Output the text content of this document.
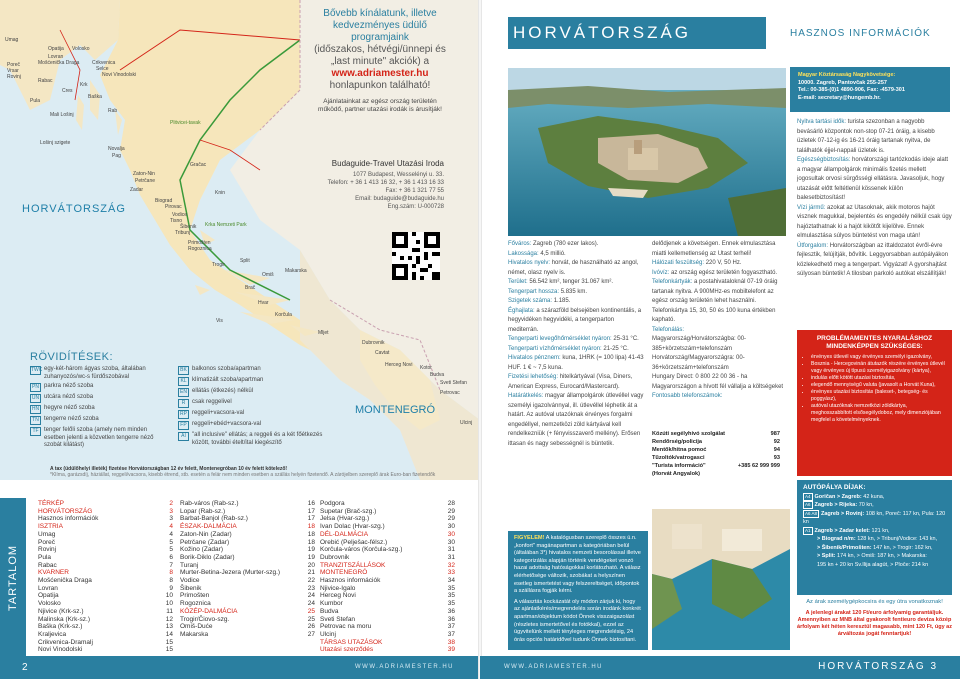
Umag
Opatija Volosko
Lovran
Crikvenica
Mošćenička Draga
Selce
Novi Vinodolski
Poreč
Vrsar
Rovinj
Rabac
Krk
Cres
Baška
Pula
Rab
Mali Lošinj
Lošinj szigete
Novalja
Pag
Zadar
Zaton-Nin
Petrčane
Biograd
Pirovac
Vodice
Šibenik
Tisno
Tribunj
Rogoznica
Primošten
Trogir
Split
Omiš
Makarska
Brač
Hvar
Korčula
Vis
Mljet
Dubrovnik
Cavtat
Herceg Novi
Budva
Petrovac
Ulcinj
Plitvicei-tavak
Krka Nemzeti Park
Gračac
Knin
Sveti Stefan
Kotor
HORVÁTORSZÁG
MONTENEGRÓ
Bővebb kínálatunk, illetve
kedvezményes üdülő
programjaink
(időszakos, hétvégi/ünnepi és
„last minute" akciók) a
www.adriamester.hu
honlapunkon található!
Ajánlatainkat az egész ország területén
működő, partner utazási irodák is árusítják!
Budaguide-Travel Utazási Iroda
1077 Budapest, Wesselényi u. 33.
Telefon: + 36 1 413 16 32, + 36 1 413 16 33
Fax: + 36 1 321 77 55
Email: budaguide@budaguide.hu
Eng.szám: U-000728
RÖVIDÍTÉSEK:
TWC egy-két-három ágyas szoba, általában zuhanyozós/wc-s fürdőszobával
PN parkra néző szoba
UN utcára néző szoba
HN hegyre néző szoba
TN tengerre néző szoba
TF tenger felőli szoba (amely nem minden esetben jelenti a közvetlen tengerre néző szobát kilátást)
BK balkonos szoba/apartman
KL klímatizált szoba/apartman
EN ellátás (étkezés) nélkül
R	csak reggelivel
RP reggeli+vacsora-val
FP reggeli+ebéd+vacsora-val
AI	"all inclusive" ellátás; a reggeli és a két főétkezés között, további ételt/ital kiegészítő
A tax (üdülőhelyi illeték) fizetése Horvátországban 12 év felett, Montenegróban 10 év felett kötelező!
*Klíma, garázsdíj, háziállat, reggeli/vacsora, kisebb étrend, stb. esetén a felár nem minden esetben a szállás helyén fizetendő. A zárójelben szereplő árak Euro-ban fizetendők
TARTALOM
TÉRKÉP	2
HORVÁTORSZÁG	3
Hasznos információk	3
ISZTRIA	4
Umag	4
Poreč	5
Rovinj	5
Pula	6
Rabac	7
KVARNER	8
Mošćenička Draga	8
Lovran	9
Opatija	10
Volosko	10
Njivice (Krk-sz.)	11
Malinska (Krk-sz.)	12
Baška (Krk-sz.)	13
Kraljevica	14
Crikvenica-Dramalj	15
Novi Vinodolski	15
Rab-város (Rab-sz.)	16
Lopar (Rab-sz.)	17
Barbat-Banjol (Rab-sz.)	17
ÉSZAK-DALMÁCIA	18
Zaton-Nin (Zadar)	18
Petrčane (Zadar)	18
Kožino (Zadar)	19
Borik-Diklo (Zadar)	19
Turanj	20
Murter-Betina-Jezera (Murter-szg.)	21
Vodice	22
Šibenik	23
Primošten	24
Rogoznica	24
KÖZÉP-DALMÁCIA	25
Trogir/Čiovo-szg.	25
Omiš-Duće	26
Makarska	27
Podgora	28
Supetar (Brač-szg.)	29
Jelsa (Hvar-szg.)	29
Ivan Dolac (Hvar-szg.)	30
DÉL-DALMÁCIA	30
Orebić (Pelješac-félsz.)	30
Korčula-város (Korčula-szg.)	31
Dubrovnik	31
TRANZITSZÁLLÁSOK	32
MONTENEGRÓ	33
Hasznos információk	34
Njivice-Igalo	35
Herceg Novi	35
Kumbor	35
Budva	36
Sveti Stefan	36
Petrovac na moru	37
Ulcinj	37
TÁRSAS UTAZÁSOK	38
Utazási szerződés	39
2	WWW.ADRIAMESTER.HU
HORVÁTORSZÁG	HASZNOS INFORMÁCIÓK
Magyar Köztársaság Nagykövetsége:
10000. Zagreb, Pantovčak 255-257
Tel.: 00-385-(0)1 4890-906, Fax: -4579-301
E-mail: secretary@hungemb.hr.
Főváros: Zagreb (780 ezer lakos).
Lakossága: 4,5 millió.
Hivatalos nyelv: horvát, de használható az angol, német, olasz nyelv is.
Terület: 56.542 km², tenger 31.067 km².
Tengerpart hossza: 5.835 km.
Szigetek száma: 1.185.
Éghajlata: a szárazföld belsejében kontinentális, a hegyvidéken hegyvidéki, a tengerparton mediterrán.
Tengerparti levegőhőmérséklet nyáron: 25-31 °C.
Tengerparti vízhőmérséklet nyáron: 21-25 °C.
Hivatalos pénznem: kuna, 1HRK (= 100 lipa) 41-43 HUF. 1 € ~ 7,5 kuna.
Fizetési lehetőség: hitelkártyával (Visa, Diners, American Express, Eurocard/Mastercard).
Határátkelés: magyar állampolgárok útlevéllel vagy személyi igazolvánnyal, ill. útlevéllel léphetik át a határt. Az autóval utazóknak érvényes forgalmi engedéllyel, nemzetközi zöld kártyával kell rendelkezniük (+ fényvisszaverő mellény). Erősen ittasan és nagy sebességnél is büntetik.
delődjenek a követségen. Ennek elmulasztása miatti kellemetlenség az Utast terheli!
Hálózati feszültség: 220 V, 50 Hz.
Ivóvíz: az ország egész területén fogyasztható.
Telefonkártyák: a postahivataloknál 07-19 óráig tartanak nyitva. A 900MHz-es mobiltelefont az egész ország területén lehet használni. Telefonkártya 15, 30, 50 és 100 kuna értékben kapható.
Telefonálás:
Magyarország/Horvátországba: 00-385+körzetszám+telefonszám
Horvátország/Magyarországra: 00-36+körzetszám+telefonszám
Hungary Direct: 0 800 22 00 36 - ha Magyarországon a hívott fél vállalja a költségeket
Fontosabb telefonszámok:
Közúti segélyhívó szolgálat	987
Rendőrség/policija	92
Mentők/hitna pomoć	94
Tűzoltók/vatrogasci	93
"Turista információ"	+385 62 999 999
(Horvát Angyalok)
Nyitva tartási idők: turista szezonban a nagyobb bevásárló központok non-stop 07-21 óráig, a kisebb üzletek 07-12-ig és 16-21 óráig tartanak nyitva, de találhatók éjjel-nappali üzletek is.
Egészségbiztosítás: horvátországi tartózkodás ideje alatt a magyar állampolgárok minimális fizetés mellett jogosultak orvosi sürgősségi ellátásra. Javasoljuk, hogy utazását előtt feltétlenül kössenek külön balesetbiztosítást!
Vízi jármű: azokat az Utasoknak, akik motoros hajót visznek magukkal, bejelentés és engedély nélkül csak úgy hajóztathatnak ki a hajót kikötőt kijelölve. Ennek elmulasztása súlyos büntetést von maga után!
Útforgalom: Horvátországban az ittaldozatot évről-évre fejlesztik, felújítják, bővítik. Leggyorsabban autópályákon közlekedhető meg a tengerpart. Vigyázat! A gyorshajtást súlyosan büntetik! A tilosban parkoló autókat elszállítják!
FIGYELEM! A katalógusban szereplő összes ú.n. „konfort" magánapartman a kategóriában belül (általában 3*) hivatalos nemzeti besorolással illetve kategorizálás alapján történik vendégeket vonzó hazai adottság hatóságokkal korlátozható. A válasz elérhetősége változik, szobákat a helyszínen esetleg ismertetést vagy felszereltséget, időpontok a szállásra fogják kérni.
A választás kockázatát oly módon zárjuk ki, hogy az ajánlatkérés/megrendelés során irodánk konkrét apartman/objektum kódot Önnek visszaigazolást (részletes ismertetővel és fotókkal), ezzel az ügyvitelünk mellett tényleges megrendelésig, 24 órás opciós határidővel tudunk Önnek biztosítani.
PROBLÉMAMENTES NYARALÁSHOZ MINDENKÉPPEN SZÜKSÉGES:
• érvényes útlevél vagy érvényes személyi igazolvány,
• Bosznia - Hercegovinán átutazók részére érvényes útlevél vagy érvényes új típusú személyigazolvány (kártya),
• indulás előtt kötött utazási biztosítás,
• elegendő mennyiségű valuta (javasolt a Horvát Kuna),
• érvényes utazási biztosítás (baleset-, betegség- és poggyász),
• autóval utazóknak nemzetközi zöldkártya, meghosszabbított elsősegélydoboz, mely dimenziójában megfelel a követelményeknek.
AUTÓPÁLYA DÍJAK:
A4 Goričan > Zagreb: 42 kuna,
A6 Zagreb > Rijeka: 70 kn,
A6 A8 Zagreb > Rovinj: 108 kn, Poreč: 117 kn, Pula: 120 kn
A1 Zagreb > Zadar kelet: 121 kn,
> Biograd n/m: 128 kn, > Tribunj/Vodice: 143 kn,
> Šibenik/Primošten: 147 kn, > Trogir: 162 kn,
> Split: 174 kn, > Omiš: 187 kn, > Makarska:
195 kn + 20 kn Sv.Ilija alagút, > Ploče: 214 kn
Az árak személygépkocsira és egy útra vonatkoznak!
A jelenlegi árakat 120 Ft/euro árfolyamig garantáljuk. Amennyiben az MNB által gyakorolt fentieurο deviza közép árfolyam két héten keresztül magasabb, mint 120 Ft, úgy az árváltozás jogát fenntartjuk!
WWW.ADRIAMESTER.HU	HORVÁTORSZÁG 3
